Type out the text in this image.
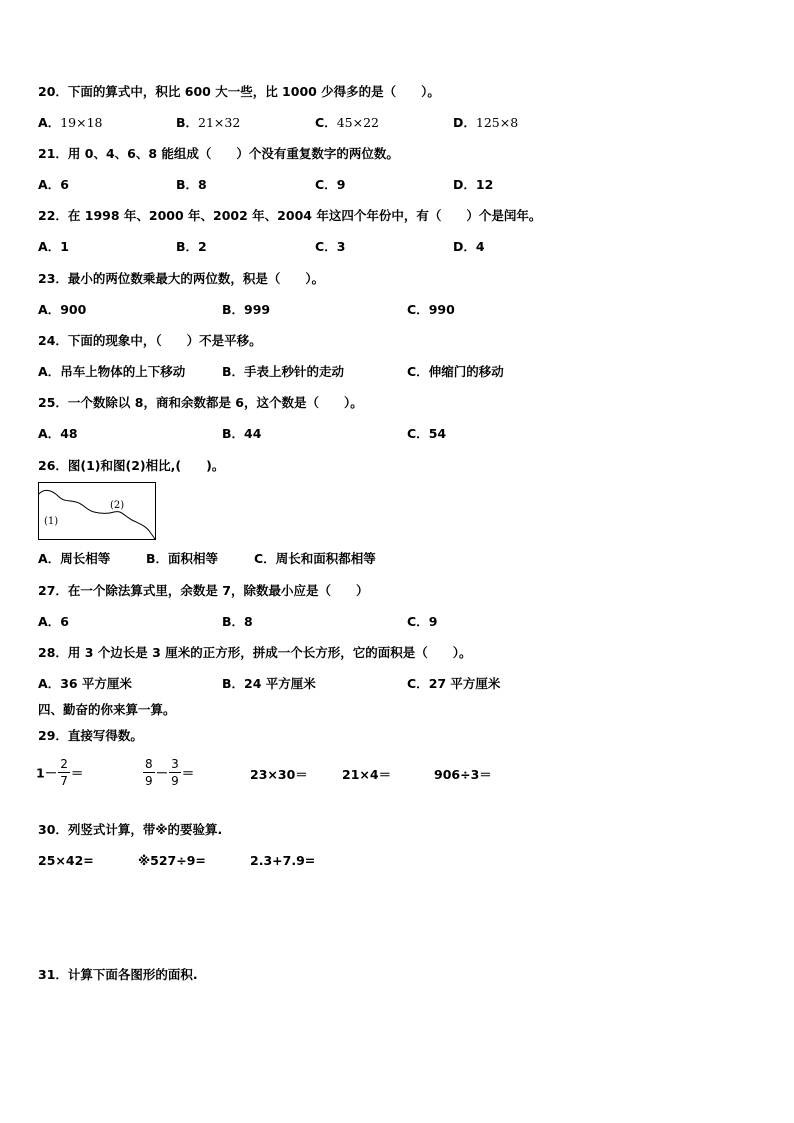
20．下面的算式中，积比 600 大一些，比 1000 少得多的是（　　）。
A．19×18	B．21×32	C．45×22	D．125×8
21．用 0、4、6、8 能组成（　　）个没有重复数字的两位数。
A．6	B．8	C．9	D．12
22．在 1998 年、2000 年、2002 年、2004 年这四个年份中，有（　　）个是闰年。
A．1	B．2	C．3	D．4
23．最小的两位数乘最大的两位数，积是（　　）。
A．900	B．999	C．990
24．下面的现象中，（　　）不是平移。
A．吊车上物体的上下移动	B．手表上秒针的走动	C．伸缩门的移动
25．一个数除以 8，商和余数都是 6，这个数是（　　）。
A．48	B．44	C．54
26．图(1)和图(2)相比,(　　)。
(1)
(2)
A．周长相等	B．面积相等	C．周长和面积都相等
27．在一个除法算式里，余数是 7，除数最小应是（　　）
A．6	B．8	C．9
28．用 3 个边长是 3 厘米的正方形，拼成一个长方形，它的面积是（　　）。
A．36 平方厘米	B．24 平方厘米	C．27 平方厘米
四、勤奋的你来算一算。
29．直接写得数。
$1- \frac{2}{7}$ ＝	$\frac{8}{9} - \frac{3}{9}$ ＝	23×30＝	21×4＝	906÷3＝
30．列竖式计算，带※的要验算.
25×42=	※527÷9=	2.3+7.9=
31．计算下面各图形的面积.
